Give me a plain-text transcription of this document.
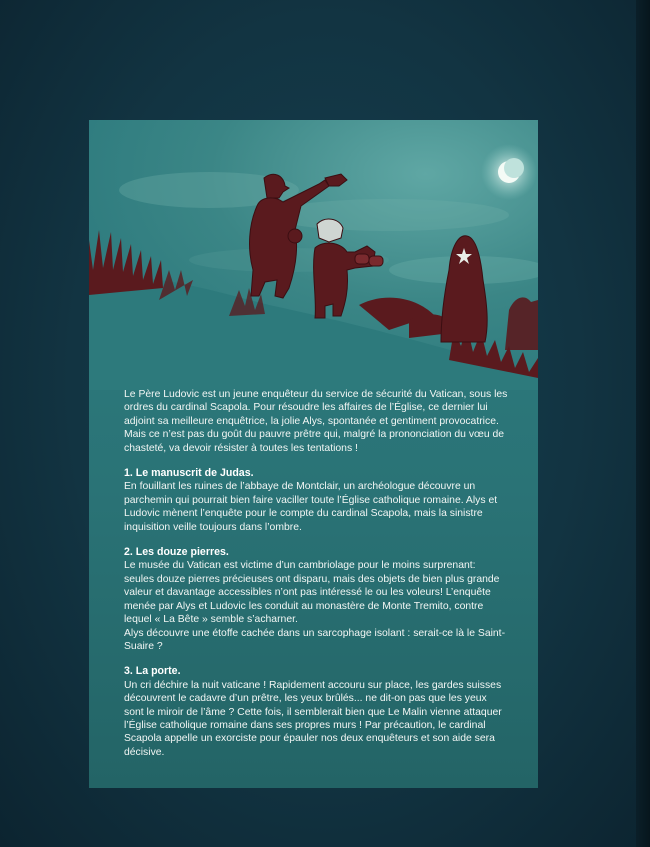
Le Père Ludovic est un jeune enquêteur du service de sécurité du Vatican, sous les ordres du cardinal Scapola. Pour résoudre les affaires de l’Église, ce dernier lui adjoint sa meilleure enquêtrice, la jolie Alys, spontanée et gentiment provocatrice. Mais ce n’est pas du goût du pauvre prêtre qui, malgré la prononciation du vœu de chasteté, va devoir résister à toutes les tentations !

1. Le manuscrit de Judas.

En fouillant les ruines de l’abbaye de Montclair, un archéologue découvre un parchemin qui pourrait bien faire vaciller toute l’Église catholique romaine. Alys et Ludovic mènent l’enquête pour le compte du cardinal Scapola, mais la sinistre inquisition veille toujours dans l’ombre.

2. Les douze pierres.

Le musée du Vatican est victime d’un cambriolage pour le moins surprenant: seules douze pierres précieuses ont disparu, mais des objets de bien plus grande valeur et davantage accessibles n’ont pas intéressé le ou les voleurs! L’enquête menée par Alys et Ludovic les conduit au monastère de Monte Tremito, contre lequel « La Bête » semble s’acharner.

Alys découvre une étoffe cachée dans un sarcophage isolant : serait-ce là le Saint-Suaire ?

3. La porte.

Un cri déchire la nuit vaticane ! Rapidement accouru sur place, les gardes suisses découvrent le cadavre d’un prêtre, les yeux brûlés... ne dit-on pas que les yeux sont le miroir de l’âme ? Cette fois, il semblerait bien que Le Malin vienne attaquer l’Église catholique romaine dans ses propres murs ! Par précaution, le cardinal Scapola appelle un exorciste pour épauler nos deux enquêteurs et son aide sera décisive.
